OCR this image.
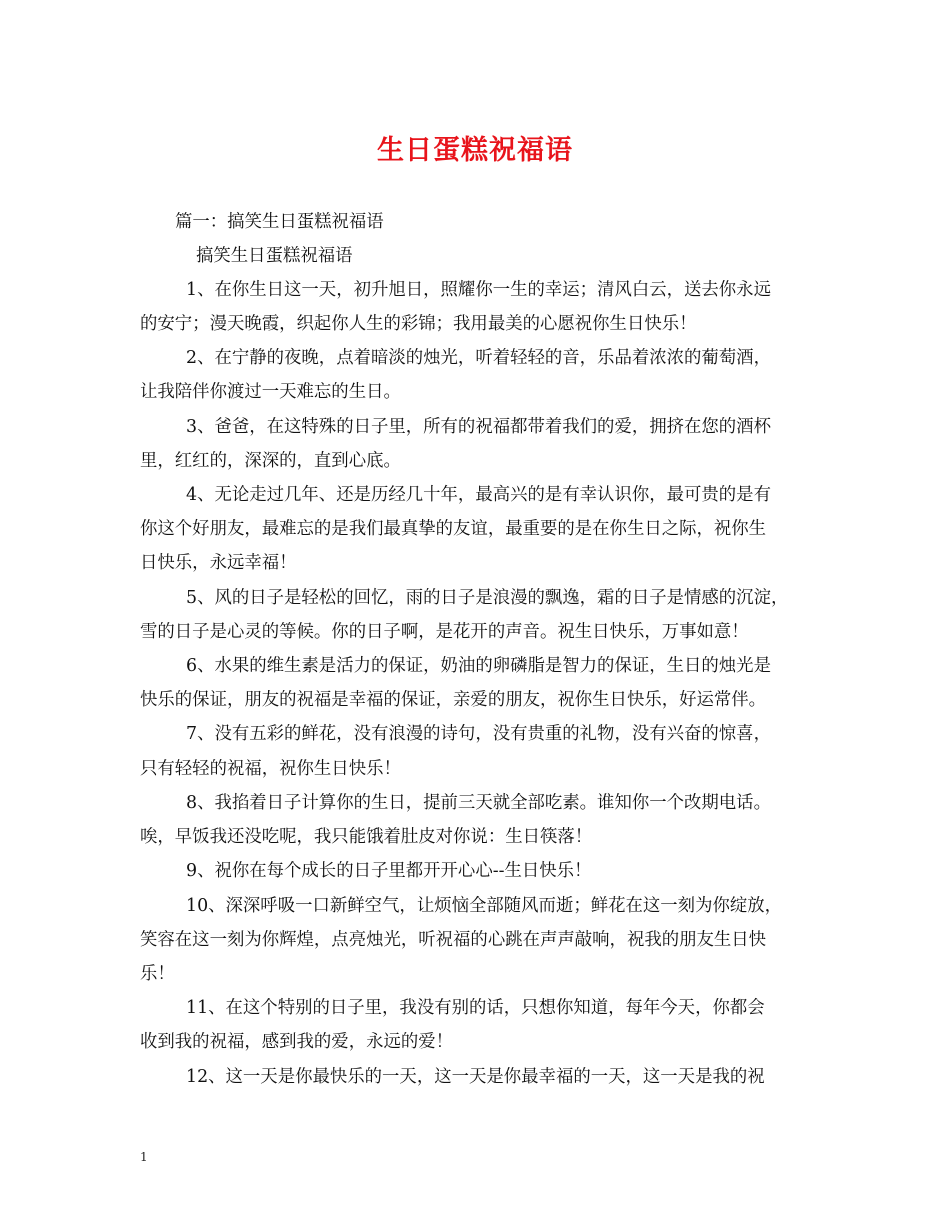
生日蛋糕祝福语

篇一：搞笑生日蛋糕祝福语

搞笑生日蛋糕祝福语

1、在你生日这一天，初升旭日，照耀你一生的幸运；清风白云，送去你永远

的安宁；漫天晚霞，织起你人生的彩锦；我用最美的心愿祝你生日快乐！

2、在宁静的夜晚，点着暗淡的烛光，听着轻轻的音，乐品着浓浓的葡萄酒，

让我陪伴你渡过一天难忘的生日。

3、爸爸，在这特殊的日子里，所有的祝福都带着我们的爱，拥挤在您的酒杯

里，红红的，深深的，直到心底。

4、无论走过几年、还是历经几十年，最高兴的是有幸认识你，最可贵的是有

你这个好朋友，最难忘的是我们最真挚的友谊，最重要的是在你生日之际，祝你生

日快乐，永远幸福！

5、风的日子是轻松的回忆，雨的日子是浪漫的飘逸，霜的日子是情感的沉淀，

雪的日子是心灵的等候。你的日子啊，是花开的声音。祝生日快乐，万事如意！

6、水果的维生素是活力的保证，奶油的卵磷脂是智力的保证，生日的烛光是

快乐的保证，朋友的祝福是幸福的保证，亲爱的朋友，祝你生日快乐，好运常伴。

7、没有五彩的鲜花，没有浪漫的诗句，没有贵重的礼物，没有兴奋的惊喜，

只有轻轻的祝福，祝你生日快乐！

8、我掐着日子计算你的生日，提前三天就全部吃素。谁知你一个改期电话。

唉，早饭我还没吃呢，我只能饿着肚皮对你说：生日筷落！

9、祝你在每个成长的日子里都开开心心--生日快乐！

10、深深呼吸一口新鲜空气，让烦恼全部随风而逝；鲜花在这一刻为你绽放，

笑容在这一刻为你辉煌，点亮烛光，听祝福的心跳在声声敲响，祝我的朋友生日快

乐！

11、在这个特别的日子里，我没有别的话，只想你知道，每年今天，你都会

收到我的祝福，感到我的爱，永远的爱！

12、这一天是你最快乐的一天，这一天是你最幸福的一天，这一天是我的祝

1
